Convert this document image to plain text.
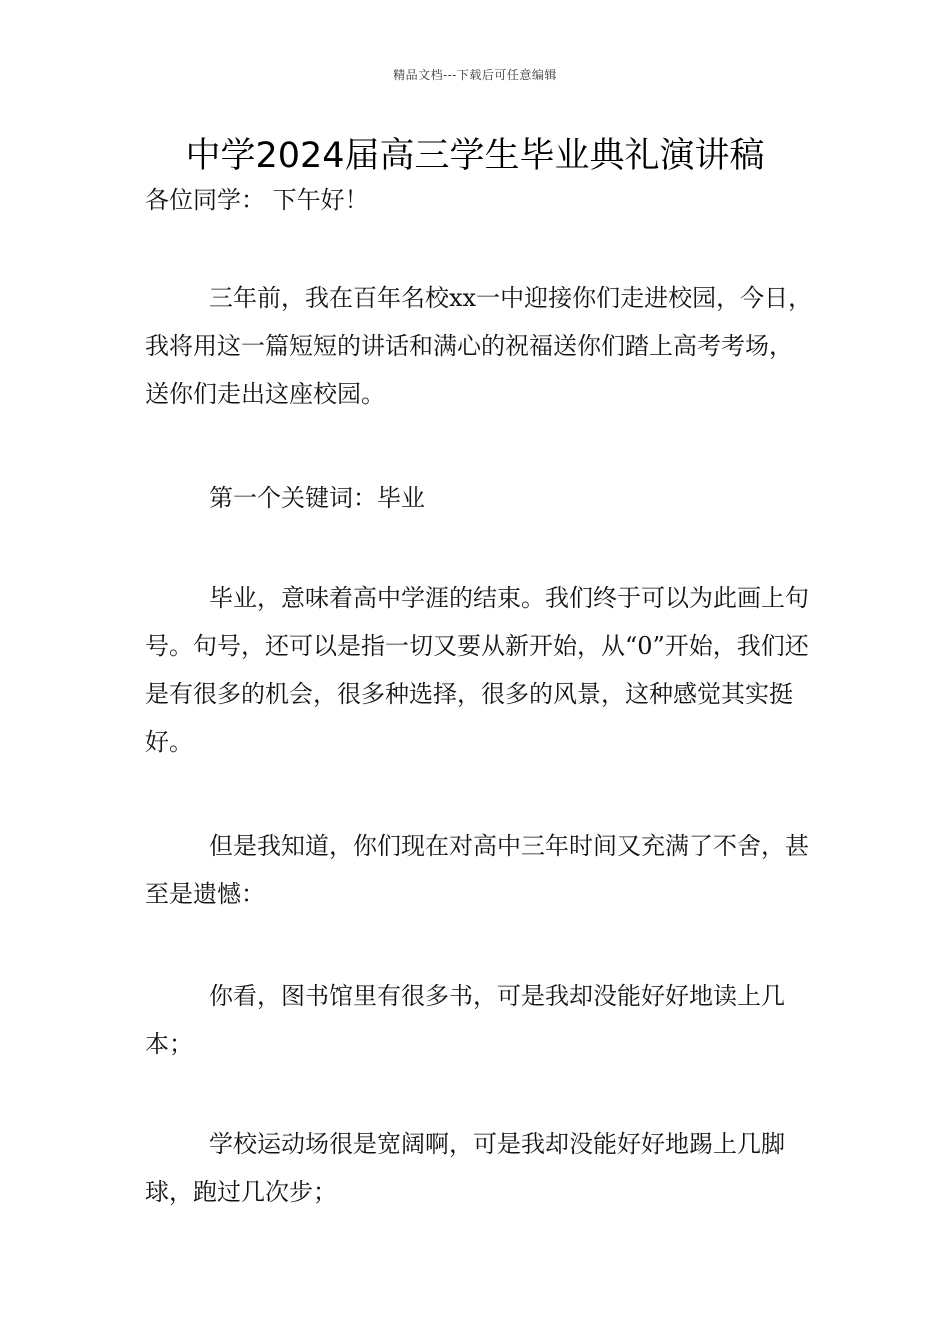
精品文档---下载后可任意编辑
中学2024届高三学生毕业典礼演讲稿

各位同学： 下午好！

三年前，我在百年名校xx一中迎接你们走进校园，今日，我将用这一篇短短的讲话和满心的祝福送你们踏上高考考场，送你们走出这座校园。

第一个关键词：毕业

毕业，意味着高中学涯的结束。我们终于可以为此画上句号。句号，还可以是指一切又要从新开始，从“0”开始，我们还是有很多的机会，很多种选择，很多的风景，这种感觉其实挺好。

但是我知道，你们现在对高中三年时间又充满了不舍，甚至是遗憾：

你看，图书馆里有很多书，可是我却没能好好地读上几本；

学校运动场很是宽阔啊，可是我却没能好好地踢上几脚球，跑过几次步；
